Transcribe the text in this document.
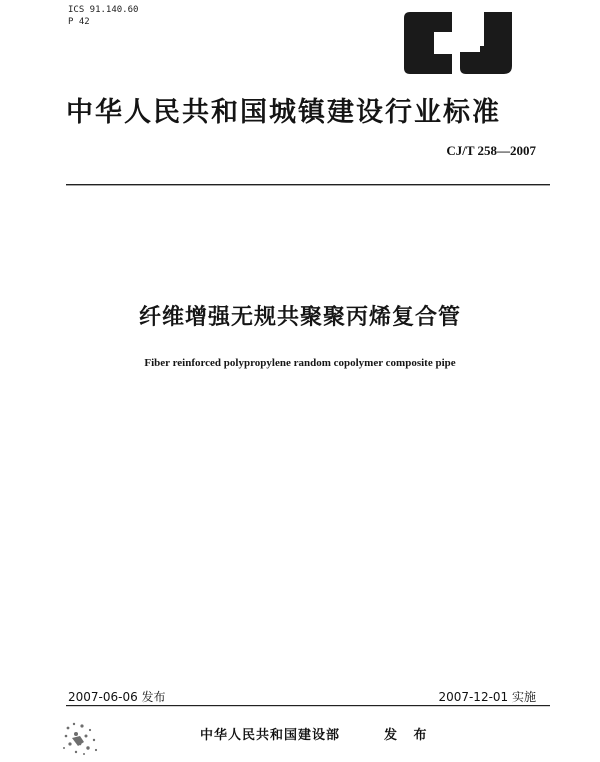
ICS 91.140.60
P 42
中华人民共和国城镇建设行业标准
CJ/T 258—2007
纤维增强无规共聚聚丙烯复合管
Fiber reinforced polypropylene random copolymer composite pipe
2007-06-06 发布	2007-12-01 实施
中华人民共和国建设部	发 布
